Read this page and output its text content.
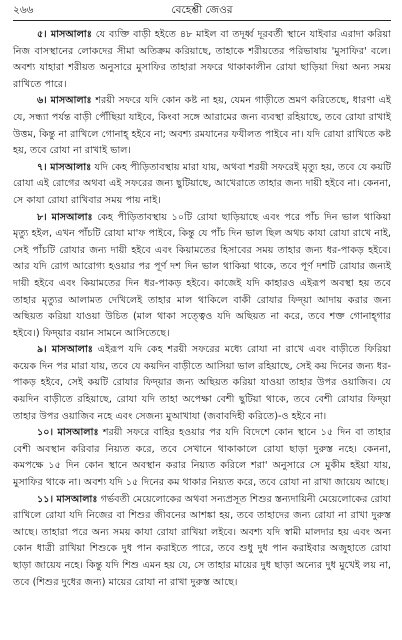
২৬৬	বেহেশ্তী জেওর

৫। মাসআলাঃ যে ব্যক্তি বাড়ী হইতে ৪৮ মাইল বা তদূর্ধ্ব দূরবর্তী স্থানে যাইবার এরাদা করিয়া নিজ বাসস্থানের লোকদের সীমা অতিক্রম করিয়াছে, তাহাকে শরীয়তের পরিভাষায় 'মুসাফির' বলে। অবশ্য যাহারা শরীয়ত অনুসারে মুসাফির তাহারা সফরে থাকাকালীন রোযা ছাড়িয়া দিয়া অন্য সময় রাখিতে পারে।

৬। মাসআলাঃ শরয়ী সফরে যদি কোন কষ্ট না হয়, যেমন গাড়ীতে ভ্রমণ করিতেছে, ধারণা এই যে, সন্ধ্যা পর্যন্ত বাড়ী পৌঁছিয়া যাইবে, কিংবা সঙ্গে আরামের জন্য ব্যবস্থা রহিয়াছে, তবে রোযা রাখাই উত্তম, কিন্তু না রাখিলে গোনাহ্ হইবে না; অবশ্য রমযানের ফযীলত পাইবে না। যদি রোযা রাখিতে কষ্ট হয়, তবে রোযা না রাখাই ভাল।

৭। মাসআলাঃ যদি কেহ পীড়িতাবস্থায় মারা যায়, অথবা শরয়ী সফরেই মৃত্যু হয়, তবে যে কয়টি রোযা এই রোগের অথবা এই সফরের জন্য ছুটিয়াছে, আখেরাতে তাহার জন্য দায়ী হইবে না। কেননা, সে কাযা রোযা রাখিবার সময় পায় নাই।

৮। মাসআলাঃ কেহ পীড়িতাবস্থায় ১০টি রোযা ছাড়িয়াছে এবং পরে পাঁচ দিন ভাল থাকিয়া মৃত্যু হইল, এখন পাঁচটি রোযা মা'ফ পাইবে, কিন্তু যে পাঁচ দিন ভাল ছিল অথচ কাযা রোযা রাখে নাই, সেই পাঁচটি রোযার জন্য দায়ী হইবে এবং কিয়ামতের হিসাবের সময় তাহার জন্য ধর-পাকড় হইবে। আর যদি রোগ আরোগ্য হওয়ার পর পূর্ণ দশ দিন ভাল থাকিয়া থাকে, তবে পূর্ণ দশটি রোযার জন্যই দায়ী হইবে এবং কিয়ামতের দিন ধর-পাকড় হইবে। কাজেই যদি কাহারও এইরূপ অবস্থা হয় তবে তাহার মৃত্যুর আলামত দেখিলেই তাহার মাল থাকিলে বাকী রোযার ফিদ্‌য়া আদায় করার জন্য অছিয়ত করিয়া যাওয়া উচিত (মাল থাকা সত্ত্বেও যদি অছিয়ত না করে, তবে শক্ত গোনাহ্‌গার হইবে।) ফিদ্‌য়ার বয়ান সামনে আসিতেছে।

৯। মাসআলাঃ এইরূপ যদি কেহ শরয়ী সফরের মধ্যে রোযা না রাখে এবং বাড়ীতে ফিরিয়া কয়েক দিন পর মারা যায়, তবে যে কয়দিন বাড়ীতে আসিয়া ভাল রহিয়াছে, সেই কয় দিনের জন্য ধর-পাকড় হইবে, সেই কয়টি রোযার ফিদ্‌য়ার জন্য অছিয়ত করিয়া যাওয়া তাহার উপর ওয়াজিব। যে কয়দিন বাড়ীতে রহিয়াছে, রোযা যদি তাহা অপেক্ষা বেশী ছুটিয়া থাকে, তবে বেশী রোযার ফিদ্‌য়া তাহার উপর ওয়াজিব নহে এবং সেজন্য মুআখাযা (জবাবদিহী করিতে)-ও হইবে না।

১০। মাসআলাঃ শরয়ী সফরে বাহির হওয়ার পর যদি বিদেশে কোন স্থানে ১৫ দিন বা তাহার বেশী অবস্থান করিবার নিয়্যত করে, তবে সেখানে থাকাকালে রোযা ছাড়া দুরুস্ত নহে। কেননা, কমপক্ষে ১৫ দিন কোন স্থানে অবস্থান করার নিয়্যত করিলে শরা' অনুসারে সে মুকীম হইয়া যায়, মুসাফির থাকে না। অবশ্য যদি ১৫ দিনের কম থাকার নিয়্যত করে, তবে রোযা না রাখা জায়েয আছে।

১১। মাসআলাঃ গর্ভবতী মেয়েলোকের অথবা সন্যপ্রসূত শিশুর স্তন্যদায়িনী মেয়েলোকের রোযা রাখিলে রোযা যদি নিজের বা শিশুর জীবনের আশঙ্কা হয়, তবে তাহাদের জন্য রোযা না রাখা দুরুস্ত আছে। তাহারা পরে অন্য সময় কাযা রোযা রাখিয়া লইবে। অবশ্য যদি স্বামী মালদার হয় এবং অন্য কোন ধাত্রী রাখিয়া শিশুকে দুধ পান করাইতে পারে, তবে শুধু দুধ পান করাইবার অজুহাতে রোযা ছাড়া জায়েয নহে। কিন্তু যদি শিশু এমন হয় যে, সে তাহার মায়ের দুধ ছাড়া অন্যের দুধ মুখেই লয় না, তবে (শিশুর দুধের জন্য) মায়ের রোযা না রাখা দুরুস্ত আছে।
